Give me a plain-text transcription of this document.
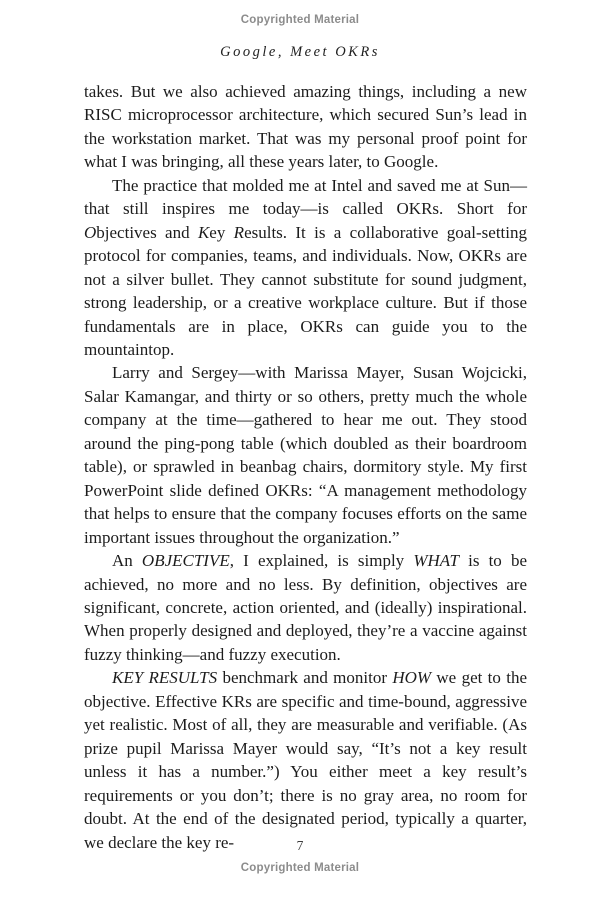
Copyrighted Material
Google, Meet OKRs

takes. But we also achieved amazing things, including a new RISC microprocessor architecture, which secured Sun’s lead in the workstation market. That was my personal proof point for what I was bringing, all these years later, to Google.

The practice that molded me at Intel and saved me at Sun—that still inspires me today—is called OKRs. Short for Objectives and Key Results. It is a collaborative goal-setting protocol for companies, teams, and individuals. Now, OKRs are not a silver bullet. They cannot substitute for sound judgment, strong leadership, or a creative workplace culture. But if those fundamentals are in place, OKRs can guide you to the mountaintop.

Larry and Sergey—with Marissa Mayer, Susan Wojcicki, Salar Kamangar, and thirty or so others, pretty much the whole company at the time—gathered to hear me out. They stood around the ping-pong table (which doubled as their boardroom table), or sprawled in beanbag chairs, dormitory style. My first PowerPoint slide defined OKRs: “A management methodology that helps to ensure that the company focuses efforts on the same important issues throughout the organization.”

An OBJECTIVE, I explained, is simply WHAT is to be achieved, no more and no less. By definition, objectives are significant, concrete, action oriented, and (ideally) inspirational. When properly designed and deployed, they’re a vaccine against fuzzy thinking—and fuzzy execution.

KEY RESULTS benchmark and monitor HOW we get to the objective. Effective KRs are specific and time-bound, aggressive yet realistic. Most of all, they are measurable and verifiable. (As prize pupil Marissa Mayer would say, “It’s not a key result unless it has a number.”) You either meet a key result’s requirements or you don’t; there is no gray area, no room for doubt. At the end of the designated period, typically a quarter, we declare the key re-	7
Copyrighted Material
